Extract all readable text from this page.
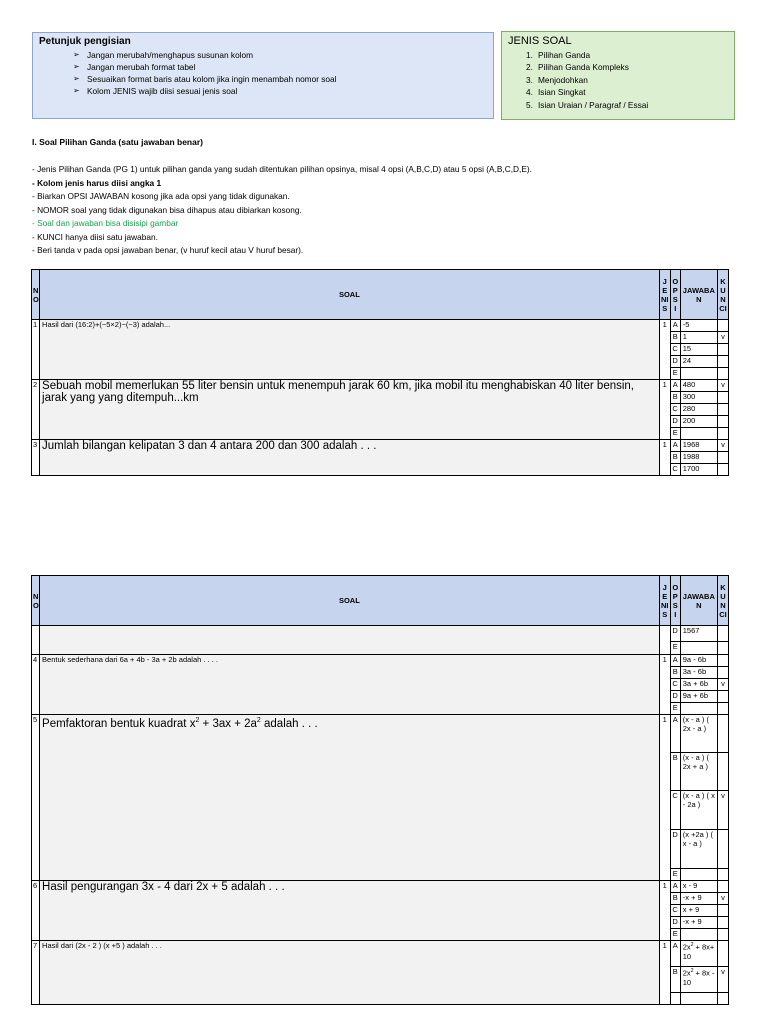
Petunjuk pengisian
➢ Jangan merubah/menghapus susunan kolom
➢ Jangan merubah format tabel
➢ Sesuaikan format baris atau kolom jika ingin menambah nomor soal
➢ Kolom JENIS wajib diisi sesuai jenis soal
JENIS SOAL
1. Pilihan Ganda
2. Pilihan Ganda Kompleks
3. Menjodohkan
4. Isian Singkat
5. Isian Uraian / Paragraf / Essai
I. Soal Pilihan Ganda (satu jawaban benar)
- Jenis Pilihan Ganda (PG 1) untuk pilihan ganda yang sudah ditentukan pilihan opsinya, misal 4 opsi (A,B,C,D) atau 5 opsi (A,B,C,D,E).
- Kolom jenis harus diisi angka 1
- Biarkan OPSI JAWABAN kosong jika ada opsi yang tidak digunakan.
- NOMOR soal yang tidak digunakan bisa dihapus atau dibiarkan kosong.
- Soal dan jawaban bisa disisipi gambar
- KUNCI hanya diisi satu jawaban.
- Beri tanda v pada opsi jawaban benar, (v huruf kecil atau V huruf besar).
NO	SOAL	JENIS	OPSI	JAWABAN	KUNCI
1	Hasil dari (16:2)+(−5×2)−(−3) adalah...	1	A	-5	
			B	1	v
			C	15	
			D	24	
			E		
2	Sebuah mobil memerlukan 55 liter bensin untuk menempuh jarak 60 km, jika mobil itu menghabiskan 40 liter bensin, jarak yang yang ditempuh...km	1	A	480	v
			B	300	
			C	280	
			D	200	
			E		
3	Jumlah bilangan kelipatan 3 dan 4 antara 200 dan 300 adalah . . .	1	A	1968	v
			B	1988	
			C	1700	
NO	SOAL	JENIS	OPSI	JAWABAN	KUNCI
			D	1567	
			E		
4	Bentuk sederhana dari 6a + 4b - 3a + 2b adalah . . . .	1	A	9a - 6b	
			B	3a - 6b	
			C	3a + 6b	v
			D	9a + 6b	
			E		
5	Pemfaktoran bentuk kuadrat $x^2 + 3ax + 2a^2$ adalah . . .	1	A	(x - a ) ( 2x - a )	
			B	(x - a ) ( 2x + a )	
			C	(x - a ) ( x - 2a )	v
			D	(x +2a ) ( x - a )	
			E		
6	Hasil pengurangan 3x - 4 dari 2x + 5 adalah . . .	1	A	x - 9	
			B	-x + 9	v
			C	x + 9	
			D	-x + 9	
			E		
7	Hasil dari (2x - 2 ) (x +5 ) adalah . . .	1	A	$2x^2 + 8x+ 10$	
			B	$2x^2 + 8x - 10$	v
